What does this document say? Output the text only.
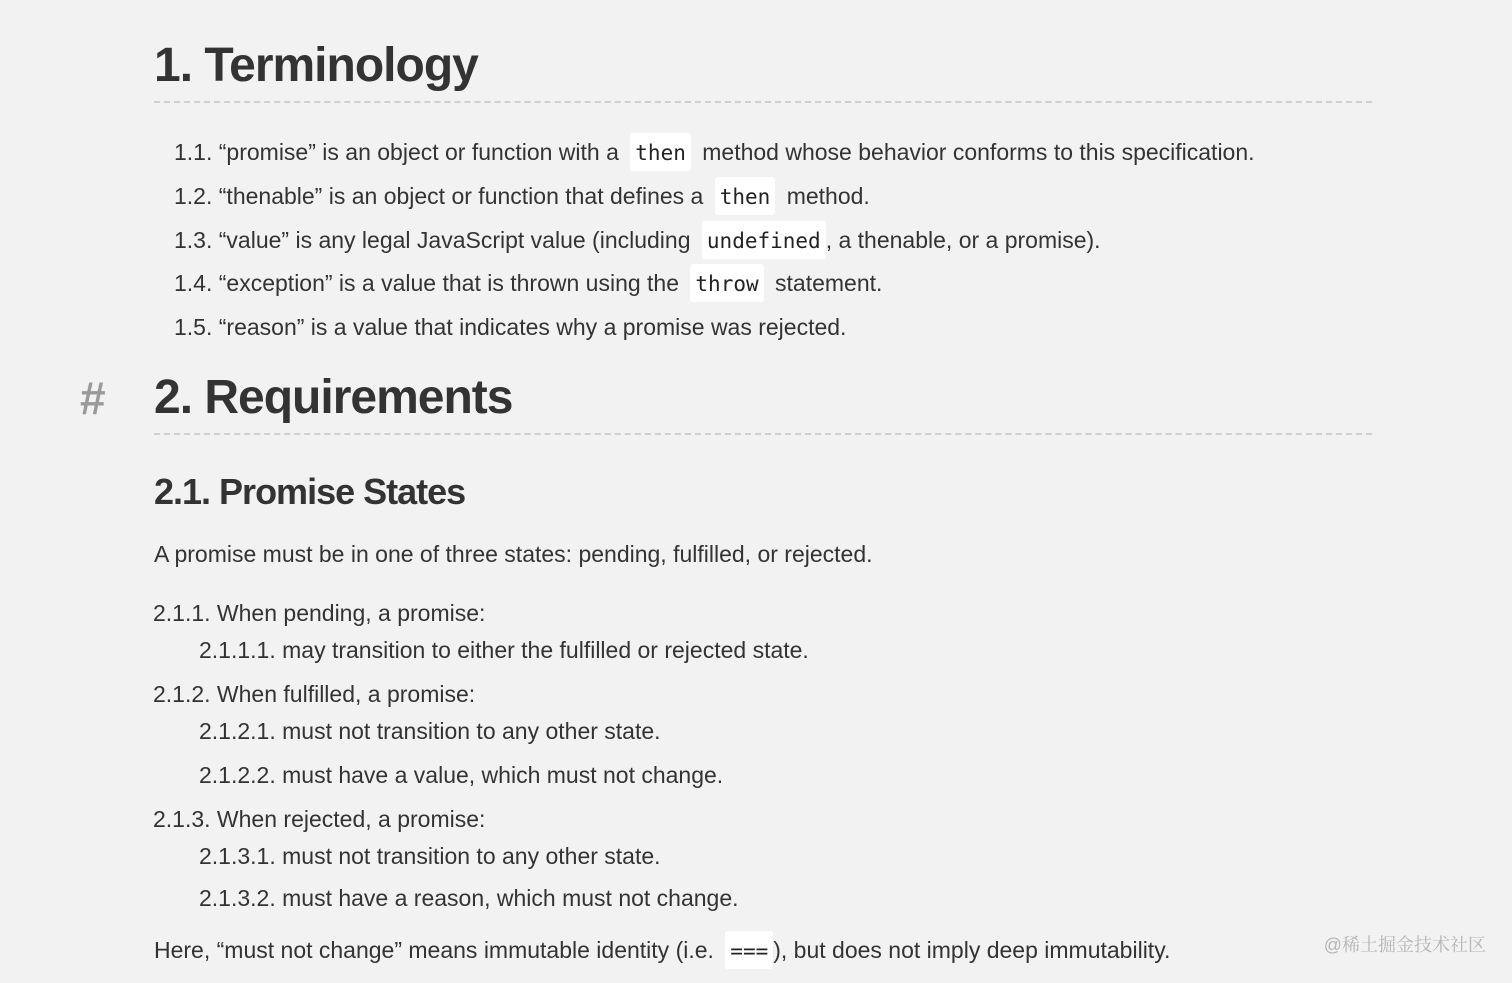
1. Terminology
1.1. “promise” is an object or function with a then method whose behavior conforms to this specification.
1.2. “thenable” is an object or function that defines a then method.
1.3. “value” is any legal JavaScript value (including undefined , a thenable, or a promise).
1.4. “exception” is a value that is thrown using the throw statement.
1.5. “reason” is a value that indicates why a promise was rejected.
# 2. Requirements
2.1. Promise States
A promise must be in one of three states: pending, fulfilled, or rejected.
2.1.1. When pending, a promise:
2.1.1.1. may transition to either the fulfilled or rejected state.
2.1.2. When fulfilled, a promise:
2.1.2.1. must not transition to any other state.
2.1.2.2. must have a value, which must not change.
2.1.3. When rejected, a promise:
2.1.3.1. must not transition to any other state.
2.1.3.2. must have a reason, which must not change.
Here, “must not change” means immutable identity (i.e. === ), but does not imply deep immutability.	@稀土掘金技术社区
